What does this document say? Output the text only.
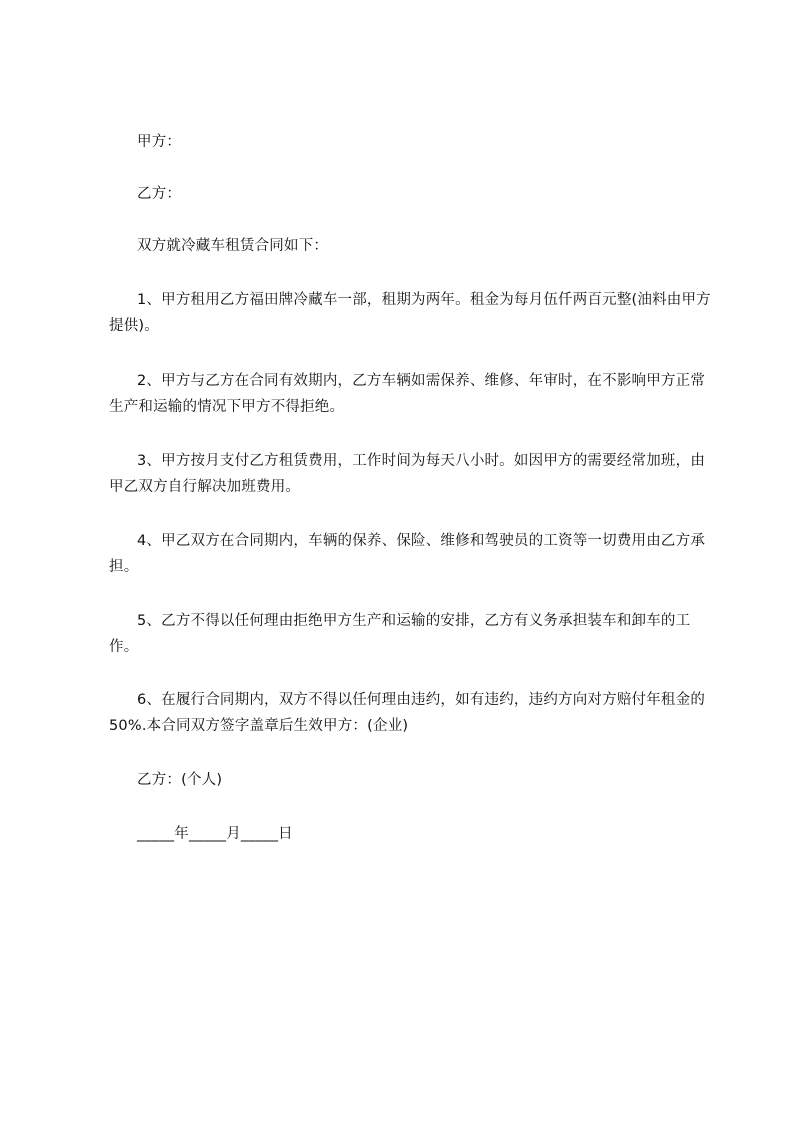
甲方：

乙方：

双方就冷藏车租赁合同如下：

1、甲方租用乙方福田牌冷藏车一部，租期为两年。租金为每月伍仟两百元整(油料由甲方提供)。

2、甲方与乙方在合同有效期内，乙方车辆如需保养、维修、年审时，在不影响甲方正常生产和运输的情况下甲方不得拒绝。

3、甲方按月支付乙方租赁费用，工作时间为每天八小时。如因甲方的需要经常加班，由甲乙双方自行解决加班费用。

4、甲乙双方在合同期内，车辆的保养、保险、维修和驾驶员的工资等一切费用由乙方承担。

5、乙方不得以任何理由拒绝甲方生产和运输的安排，乙方有义务承担装车和卸车的工作。

6、在履行合同期内，双方不得以任何理由违约，如有违约，违约方向对方赔付年租金的50%.本合同双方签字盖章后生效甲方：(企业)

乙方：(个人)

_____年_____月_____日
